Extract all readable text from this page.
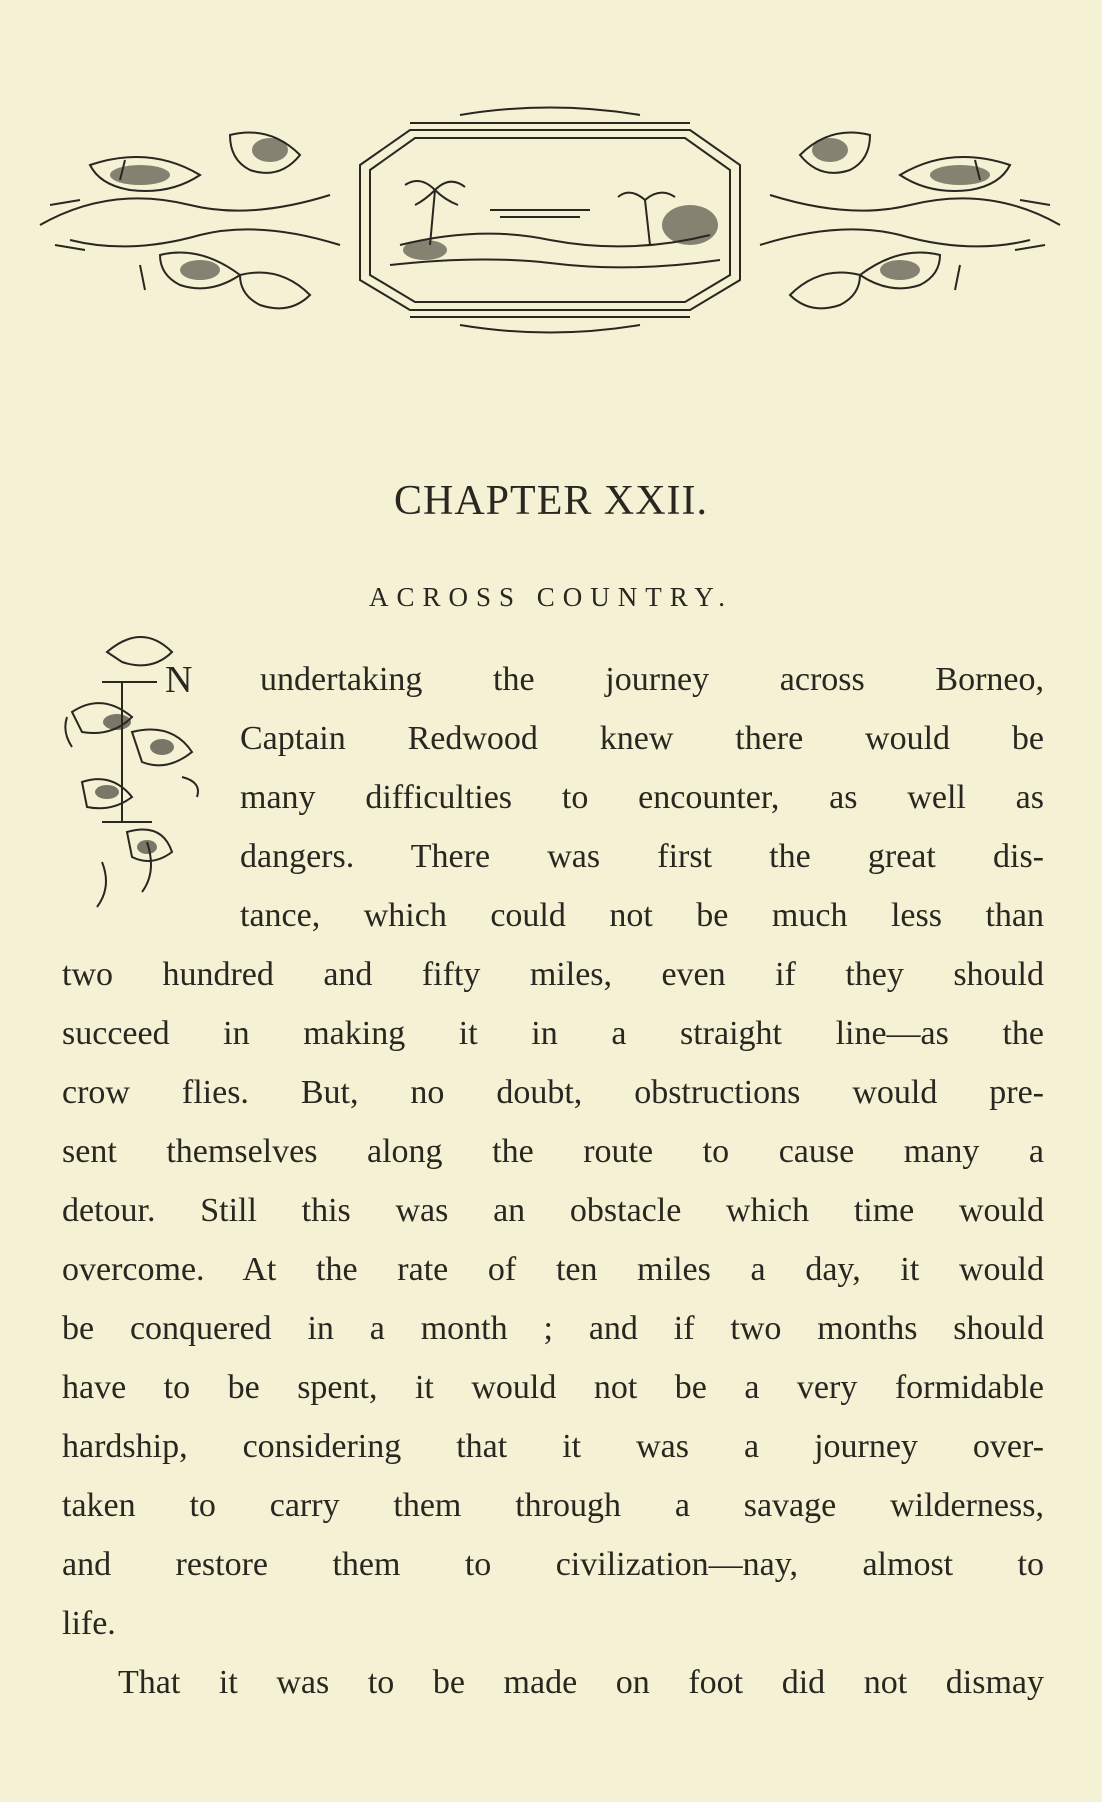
CHAPTER XXII.
ACROSS COUNTRY.
N undertaking the journey across Borneo,
Captain Redwood knew there would be
many difficulties to encounter, as well as
dangers. There was first the great dis-
tance, which could not be much less than
two hundred and fifty miles, even if they should
succeed in making it in a straight line—as the
crow flies. But, no doubt, obstructions would pre-
sent themselves along the route to cause many a
detour. Still this was an obstacle which time would
overcome. At the rate of ten miles a day, it would
be conquered in a month ; and if two months should
have to be spent, it would not be a very formidable
hardship, considering that it was a journey over-
taken to carry them through a savage wilderness,
and restore them to civilization—nay, almost to
life.
That it was to be made on foot did not dismay
